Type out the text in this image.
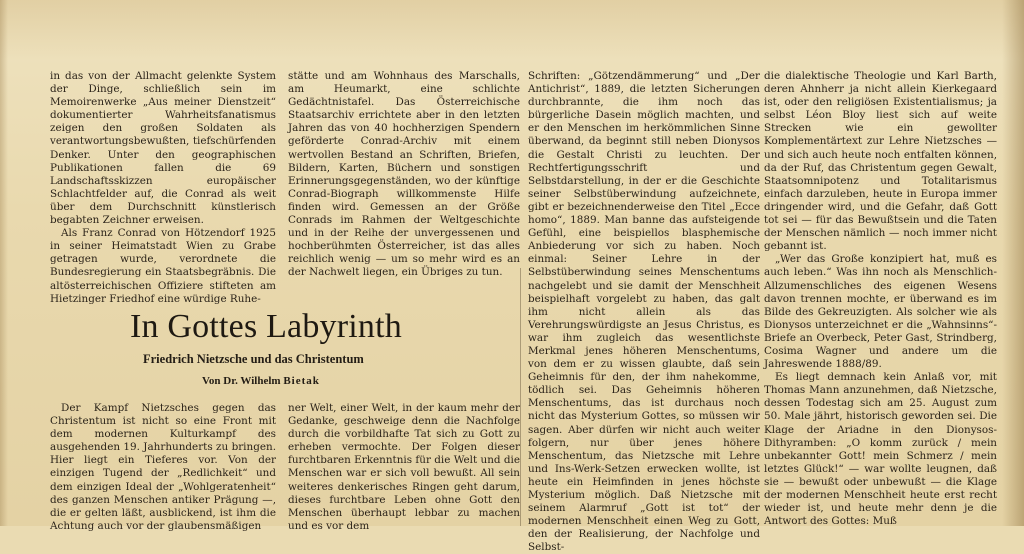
in das von der Allmacht gelenkte System der Dinge, schließlich sein im Memoirenwerke „Aus meiner Dienstzeit“ dokumentierter Wahrheitsfanatismus zeigen den großen Soldaten als verantwortungsbewußten, tiefschürfenden Denker. Unter den geographischen Publikationen fallen die 69 Landschaftsskizzen europäischer Schlachtfelder auf, die Conrad als weit über dem Durchschnitt künstlerisch begabten Zeichner erweisen.

Als Franz Conrad von Hötzendorf 1925 in seiner Heimatstadt Wien zu Grabe getragen wurde, verordnete die Bundesregierung ein Staatsbegräbnis. Die altösterreichischen Offiziere stifteten am Hietzinger Friedhof eine würdige Ruhe-

stätte und am Wohnhaus des Marschalls, am Heumarkt, eine schlichte Gedächtnistafel. Das Österreichische Staatsarchiv errichtete aber in den letzten Jahren das von 40 hochherzigen Spendern geförderte Conrad-Archiv mit einem wertvollen Bestand an Schriften, Briefen, Bildern, Karten, Büchern und sonstigen Erinnerungsgegenständen, wo der künftige Conrad-Biograph willkommenste Hilfe finden wird. Gemessen an der Größe Conrads im Rahmen der Weltgeschichte und in der Reihe der unvergessenen und hochberühmten Österreicher, ist das alles reichlich wenig — um so mehr wird es an der Nachwelt liegen, ein Übriges zu tun.

In Gottes Labyrinth
Friedrich Nietzsche und das Christentum
Von Dr. Wilhelm Bietak

Der Kampf Nietzsches gegen das Christentum ist nicht so eine Front mit dem modernen Kulturkampf des ausgehenden 19. Jahrhunderts zu bringen. Hier liegt ein Tieferes vor. Von der einzigen Tugend der „Redlichkeit“ und dem einzigen Ideal der „Wohlgeratenheit“ des ganzen Menschen antiker Prägung —, die er gelten läßt, ausblickend, ist ihm die Achtung auch vor der glaubensmäßigen

ner Welt, einer Welt, in der kaum mehr der Gedanke, geschweige denn die Nachfolge durch die vorbildhafte Tat sich zu Gott zu erheben vermochte. Der Folgen dieser furchtbaren Erkenntnis für die Welt und die Menschen war er sich voll bewußt. All sein weiteres denkerisches Ringen geht darum, dieses furchtbare Leben ohne Gott den Menschen überhaupt lebbar zu machen und es vor dem

Schriften: „Götzendämmerung“ und „Der Antichrist“, 1889, die letzten Sicherungen durchbrannte, die ihm noch das bürgerliche Dasein möglich machten, und er den Menschen im herkömmlichen Sinne überwand, da beginnt still neben Dionysos die Gestalt Christi zu leuchten. Der Rechtfertigungsschrift und Selbstdarstellung, in der er die Geschichte seiner Selbstüberwindung aufzeichnete, gibt er bezeichnenderweise den Titel „Ecce homo“, 1889. Man banne das aufsteigende Gefühl, eine beispiellos blasphemische Anbiederung vor sich zu haben. Noch einmal: Seiner Lehre in der Selbstüberwindung seines Menschentums nachgelebt und sie damit der Menschheit beispielhaft vorgelebt zu haben, das galt ihm nicht allein als das Verehrungswürdigste an Jesus Christus, es war ihm zugleich das wesentlichste Merkmal jenes höheren Menschentums, von dem er zu wissen glaubte, daß sein Geheimnis für den, der ihm nahekomme, tödlich sei. Das Geheimnis höheren Menschentums, das ist durchaus noch nicht das Mysterium Gottes, so müssen wir sagen. Aber dürfen wir nicht auch weiter folgern, nur über jenes höhere Menschentum, das Nietzsche mit Lehre und Ins-Werk-Setzen erwecken wollte, ist heute ein Heimfinden in jenes höchste Mysterium möglich. Daß Nietzsche mit seinem Alarmruf „Gott ist tot“ der modernen Menschheit einen Weg zu Gott, den der Realisierung, der Nachfolge und Selbst-

die dialektische Theologie und Karl Barth, deren Ahnherr ja nicht allein Kierkegaard ist, oder den religiösen Existentialismus; ja selbst Léon Bloy liest sich auf weite Strecken wie ein gewollter Komplementärtext zur Lehre Nietzsches — und sich auch heute noch entfalten können, da der Ruf, das Christentum gegen Gewalt, Staatsomnipotenz und Totalitarismus einfach darzuleben, heute in Europa immer dringender wird, und die Gefahr, daß Gott tot sei — für das Bewußtsein und die Taten der Menschen nämlich — noch immer nicht gebannt ist.

„Wer das Große konzipiert hat, muß es auch leben.“ Was ihn noch als Menschlich-Allzumenschliches des eigenen Wesens davon trennen mochte, er überwand es im Bilde des Gekreuzigten. Als solcher wie als Dionysos unterzeichnet er die „Wahnsinns“-Briefe an Overbeck, Peter Gast, Strindberg, Cosima Wagner und andere um die Jahreswende 1888/89.

Es liegt demnach kein Anlaß vor, mit Thomas Mann anzunehmen, daß Nietzsche, dessen Todestag sich am 25. August zum 50. Male jährt, historisch geworden sei. Die Klage der Ariadne in den Dionysos-Dithyramben: „O komm zurück / mein unbekannter Gott! mein Schmerz / mein letztes Glück!“ — war wollte leugnen, daß sie — bewußt oder unbewußt — die Klage der modernen Menschheit heute erst recht wieder ist, und heute mehr denn je die Antwort des Gottes: Muß
